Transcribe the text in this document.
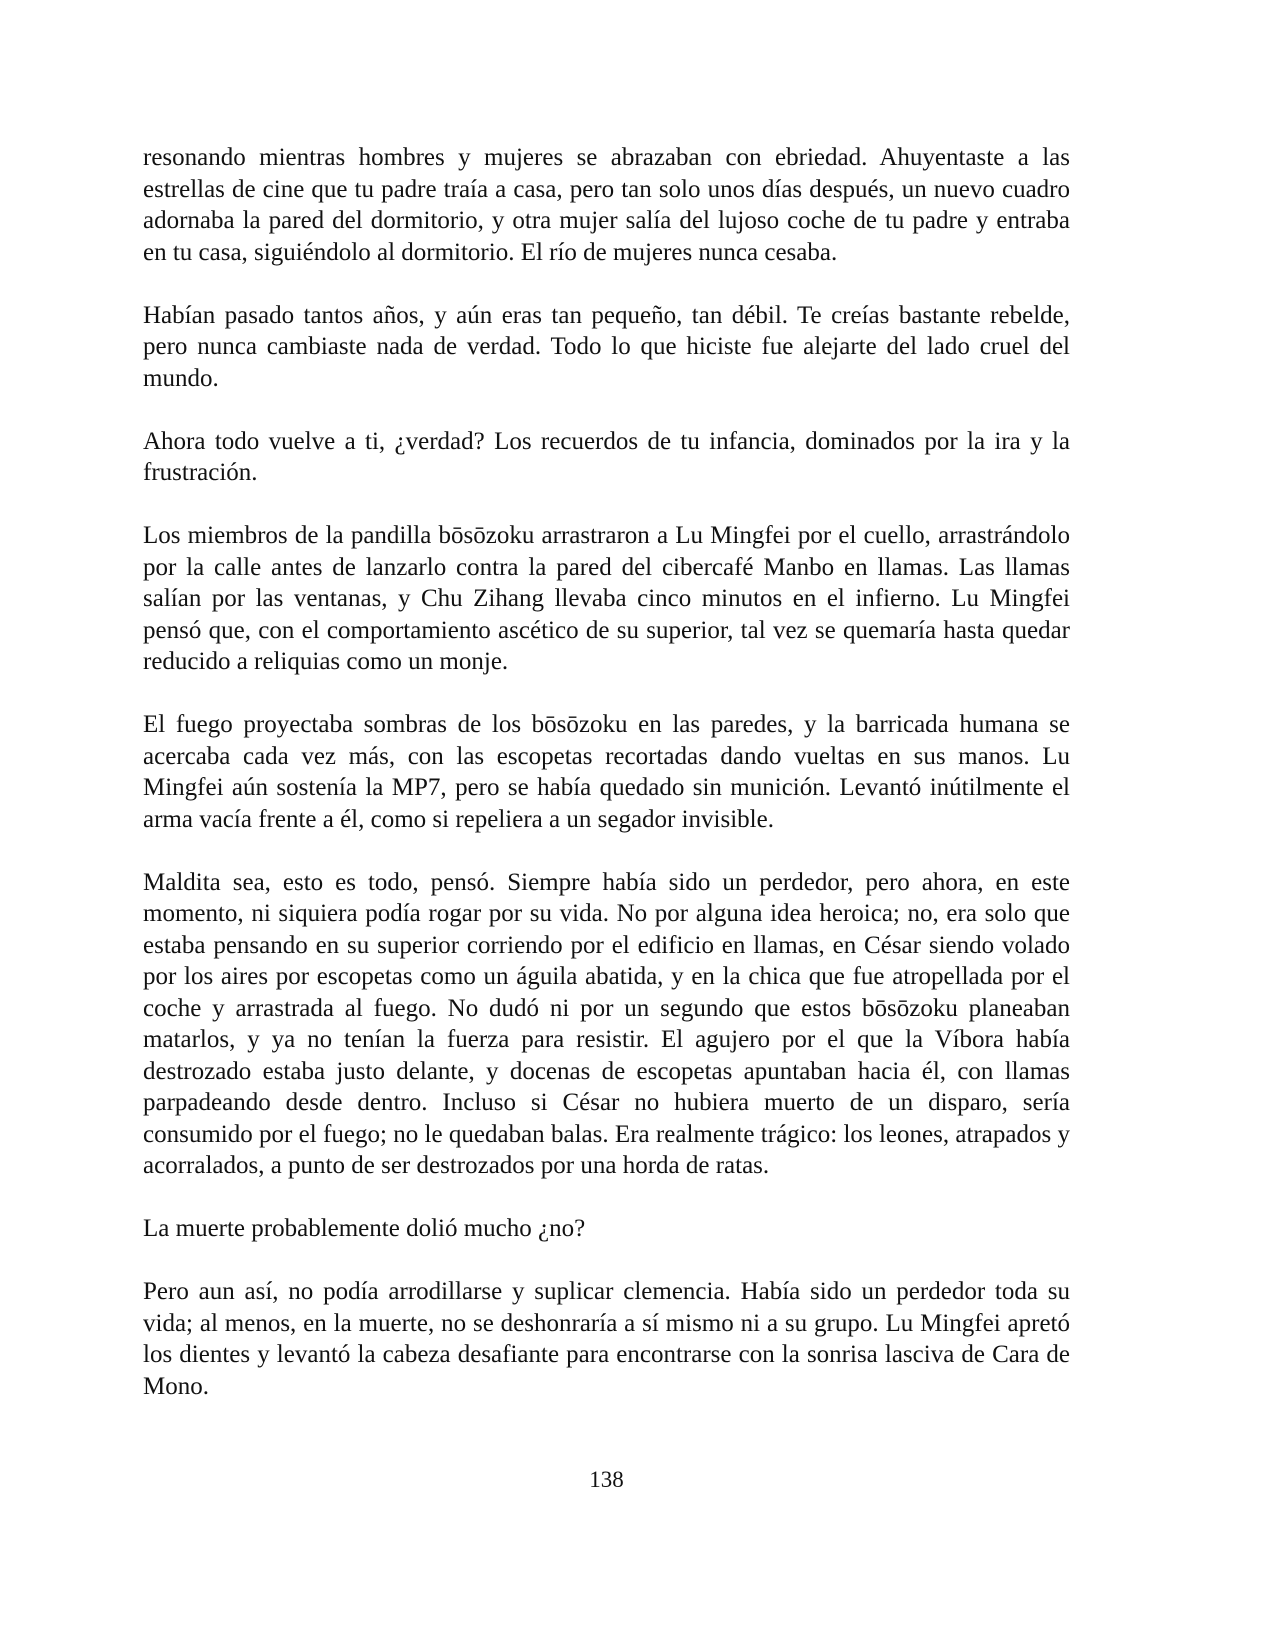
resonando mientras hombres y mujeres se abrazaban con ebriedad. Ahuyentaste a las estrellas de cine que tu padre traía a casa, pero tan solo unos días después, un nuevo cuadro adornaba la pared del dormitorio, y otra mujer salía del lujoso coche de tu padre y entraba en tu casa, siguiéndolo al dormitorio. El río de mujeres nunca cesaba.

Habían pasado tantos años, y aún eras tan pequeño, tan débil. Te creías bastante rebelde, pero nunca cambiaste nada de verdad. Todo lo que hiciste fue alejarte del lado cruel del mundo.

Ahora todo vuelve a ti, ¿verdad? Los recuerdos de tu infancia, dominados por la ira y la frustración.

Los miembros de la pandilla bōsōzoku arrastraron a Lu Mingfei por el cuello, arrastrándolo por la calle antes de lanzarlo contra la pared del cibercafé Manbo en llamas. Las llamas salían por las ventanas, y Chu Zihang llevaba cinco minutos en el infierno. Lu Mingfei pensó que, con el comportamiento ascético de su superior, tal vez se quemaría hasta quedar reducido a reliquias como un monje.

El fuego proyectaba sombras de los bōsōzoku en las paredes, y la barricada humana se acercaba cada vez más, con las escopetas recortadas dando vueltas en sus manos. Lu Mingfei aún sostenía la MP7, pero se había quedado sin munición. Levantó inútilmente el arma vacía frente a él, como si repeliera a un segador invisible.

Maldita sea, esto es todo, pensó. Siempre había sido un perdedor, pero ahora, en este momento, ni siquiera podía rogar por su vida. No por alguna idea heroica; no, era solo que estaba pensando en su superior corriendo por el edificio en llamas, en César siendo volado por los aires por escopetas como un águila abatida, y en la chica que fue atropellada por el coche y arrastrada al fuego. No dudó ni por un segundo que estos bōsōzoku planeaban matarlos, y ya no tenían la fuerza para resistir. El agujero por el que la Víbora había destrozado estaba justo delante, y docenas de escopetas apuntaban hacia él, con llamas parpadeando desde dentro. Incluso si César no hubiera muerto de un disparo, sería consumido por el fuego; no le quedaban balas. Era realmente trágico: los leones, atrapados y acorralados, a punto de ser destrozados por una horda de ratas.

La muerte probablemente dolió mucho ¿no?

Pero aun así, no podía arrodillarse y suplicar clemencia. Había sido un perdedor toda su vida; al menos, en la muerte, no se deshonraría a sí mismo ni a su grupo. Lu Mingfei apretó los dientes y levantó la cabeza desafiante para encontrarse con la sonrisa lasciva de Cara de Mono.

138
